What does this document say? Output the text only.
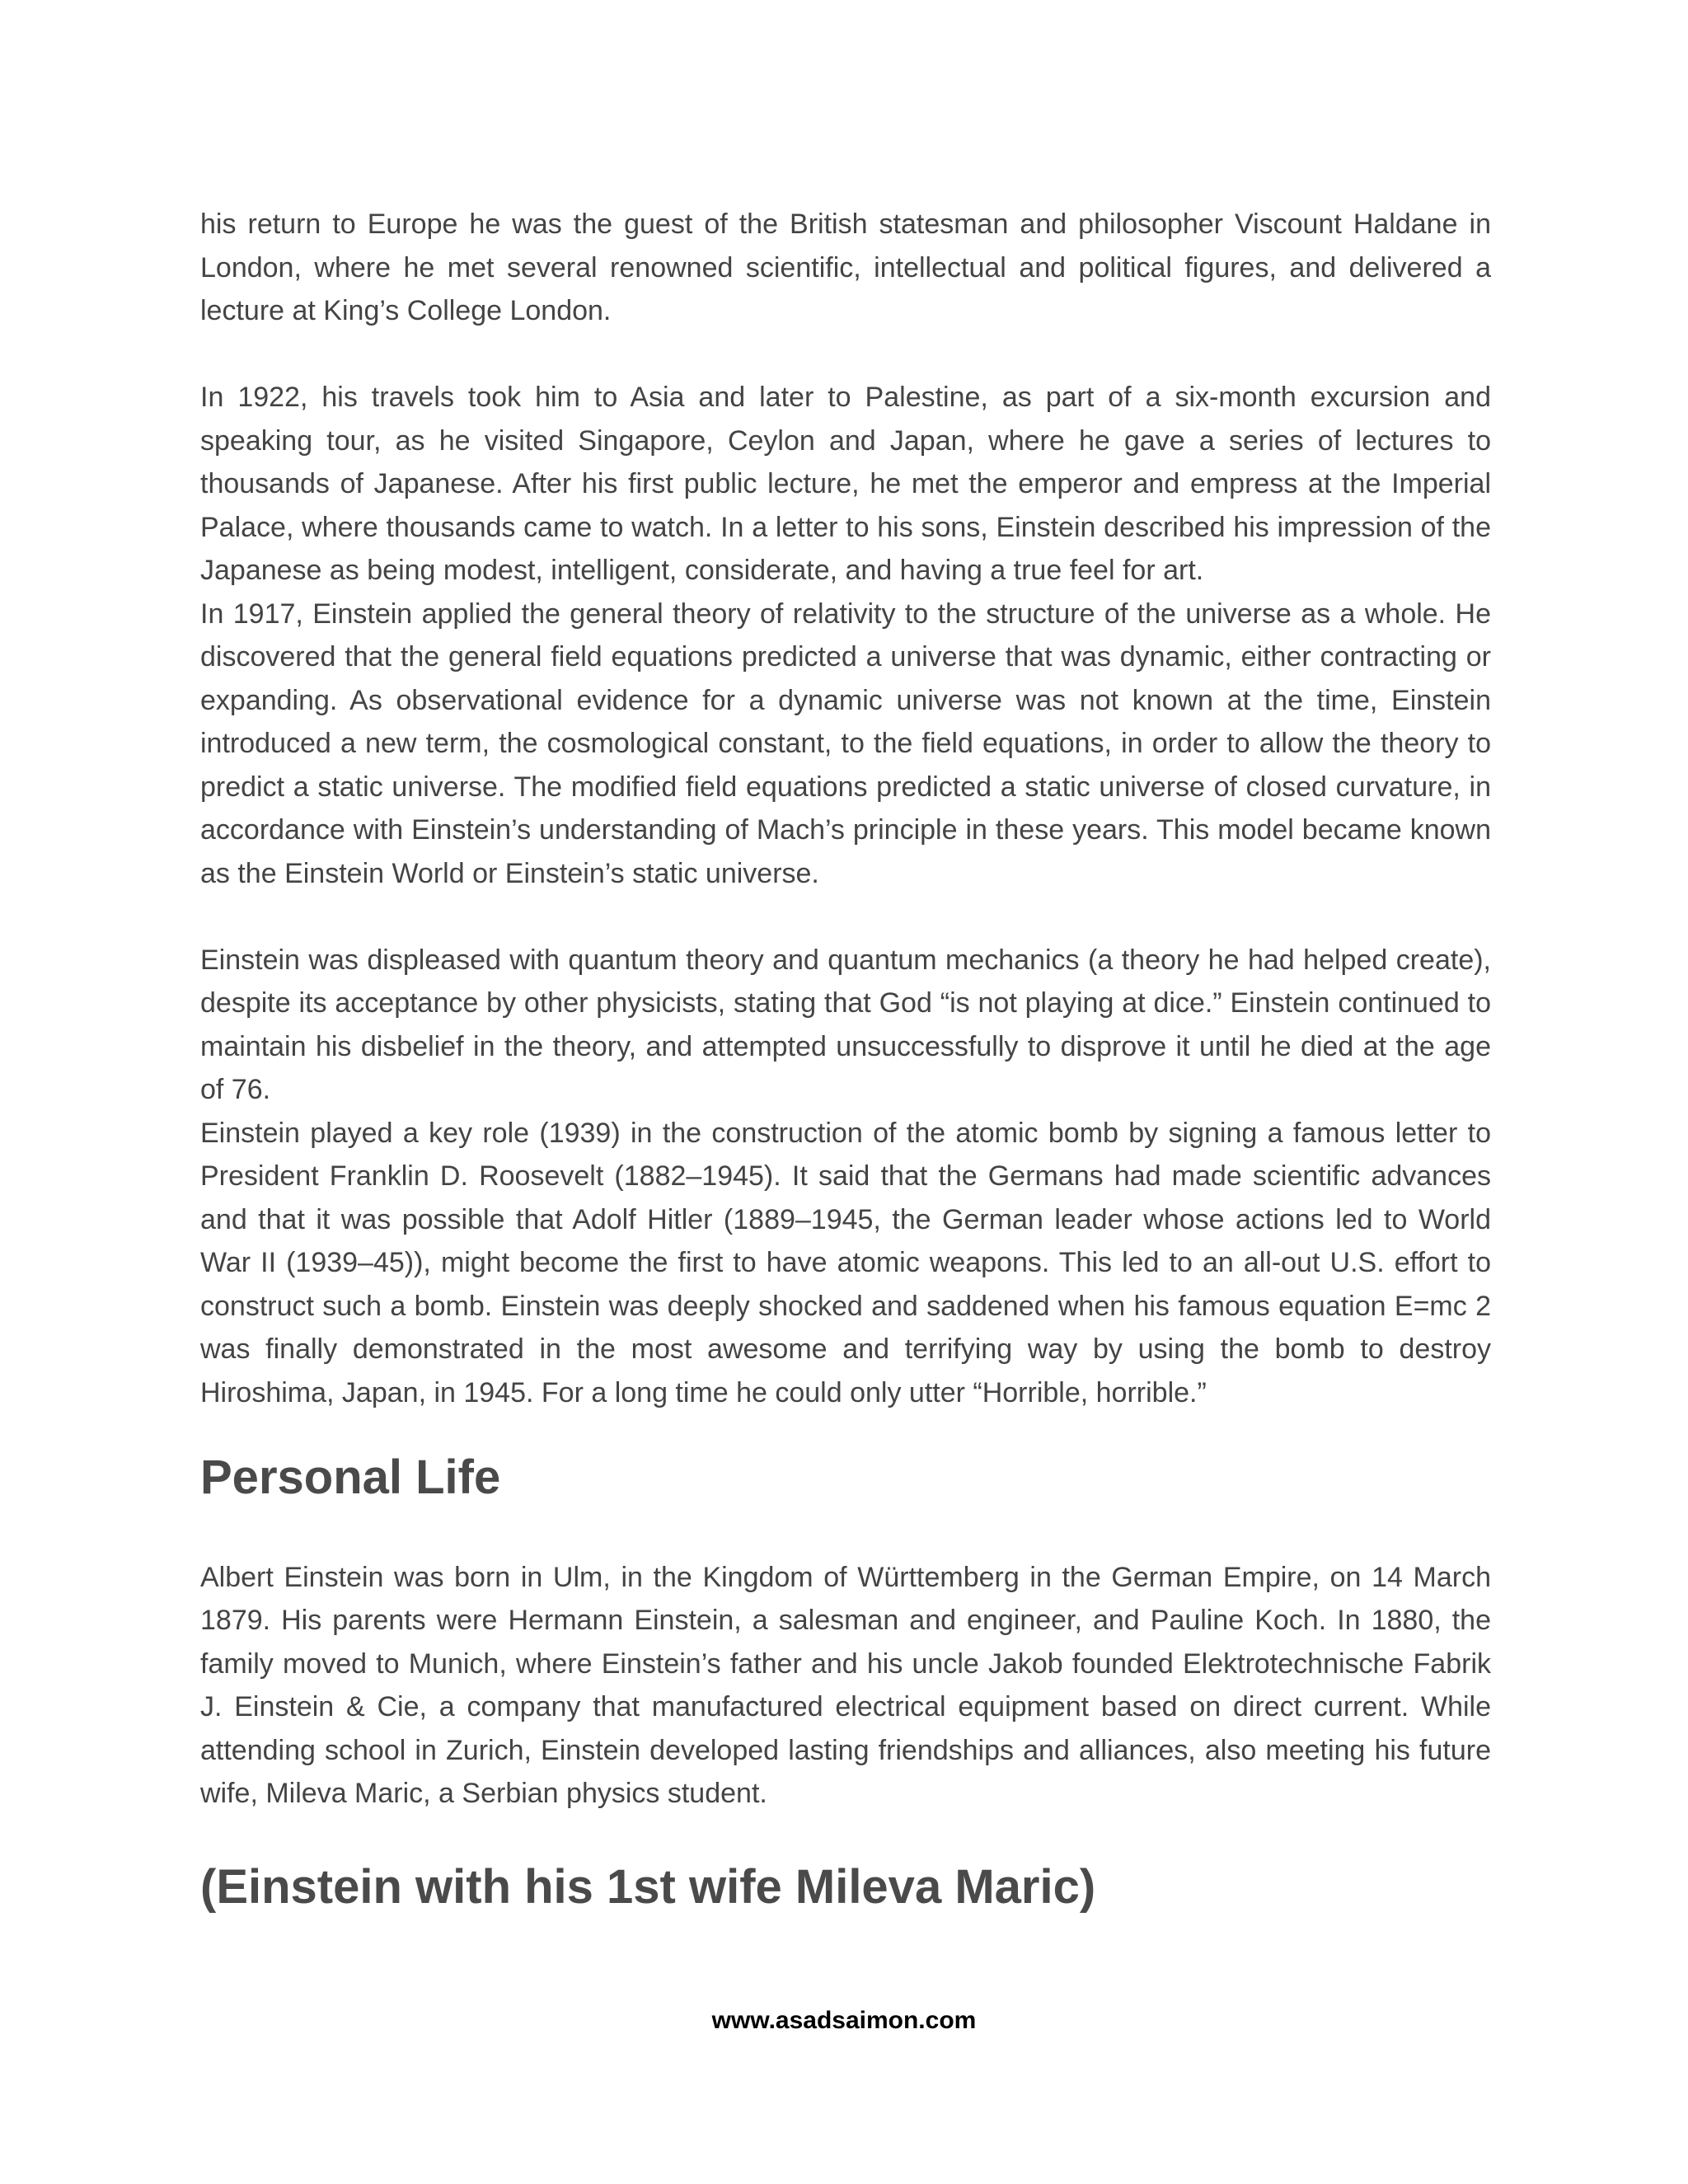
his return to Europe he was the guest of the British statesman and philosopher Viscount Haldane in London, where he met several renowned scientific, intellectual and political figures, and delivered a lecture at King’s College London.

In 1922, his travels took him to Asia and later to Palestine, as part of a six-month excursion and speaking tour, as he visited Singapore, Ceylon and Japan, where he gave a series of lectures to thousands of Japanese. After his first public lecture, he met the emperor and empress at the Imperial Palace, where thousands came to watch. In a letter to his sons, Einstein described his impression of the Japanese as being modest, intelligent, considerate, and having a true feel for art.

In 1917, Einstein applied the general theory of relativity to the structure of the universe as a whole. He discovered that the general field equations predicted a universe that was dynamic, either contracting or expanding. As observational evidence for a dynamic universe was not known at the time, Einstein introduced a new term, the cosmological constant, to the field equations, in order to allow the theory to predict a static universe. The modified field equations predicted a static universe of closed curvature, in accordance with Einstein’s understanding of Mach’s principle in these years. This model became known as the Einstein World or Einstein’s static universe.

Einstein was displeased with quantum theory and quantum mechanics (a theory he had helped create), despite its acceptance by other physicists, stating that God “is not playing at dice.” Einstein continued to maintain his disbelief in the theory, and attempted unsuccessfully to disprove it until he died at the age of 76.

Einstein played a key role (1939) in the construction of the atomic bomb by signing a famous letter to President Franklin D. Roosevelt (1882–1945). It said that the Germans had made scientific advances and that it was possible that Adolf Hitler (1889–1945, the German leader whose actions led to World War II (1939–45)), might become the first to have atomic weapons. This led to an all-out U.S. effort to construct such a bomb. Einstein was deeply shocked and saddened when his famous equation E=mc 2 was finally demonstrated in the most awesome and terrifying way by using the bomb to destroy Hiroshima, Japan, in 1945. For a long time he could only utter “Horrible, horrible.”

Personal Life

Albert Einstein was born in Ulm, in the Kingdom of Württemberg in the German Empire, on 14 March 1879. His parents were Hermann Einstein, a salesman and engineer, and Pauline Koch. In 1880, the family moved to Munich, where Einstein’s father and his uncle Jakob founded Elektrotechnische Fabrik J. Einstein & Cie, a company that manufactured electrical equipment based on direct current. While attending school in Zurich, Einstein developed lasting friendships and alliances, also meeting his future wife, Mileva Maric, a Serbian physics student.

(Einstein with his 1st wife Mileva Maric)
www.asadsaimon.com
